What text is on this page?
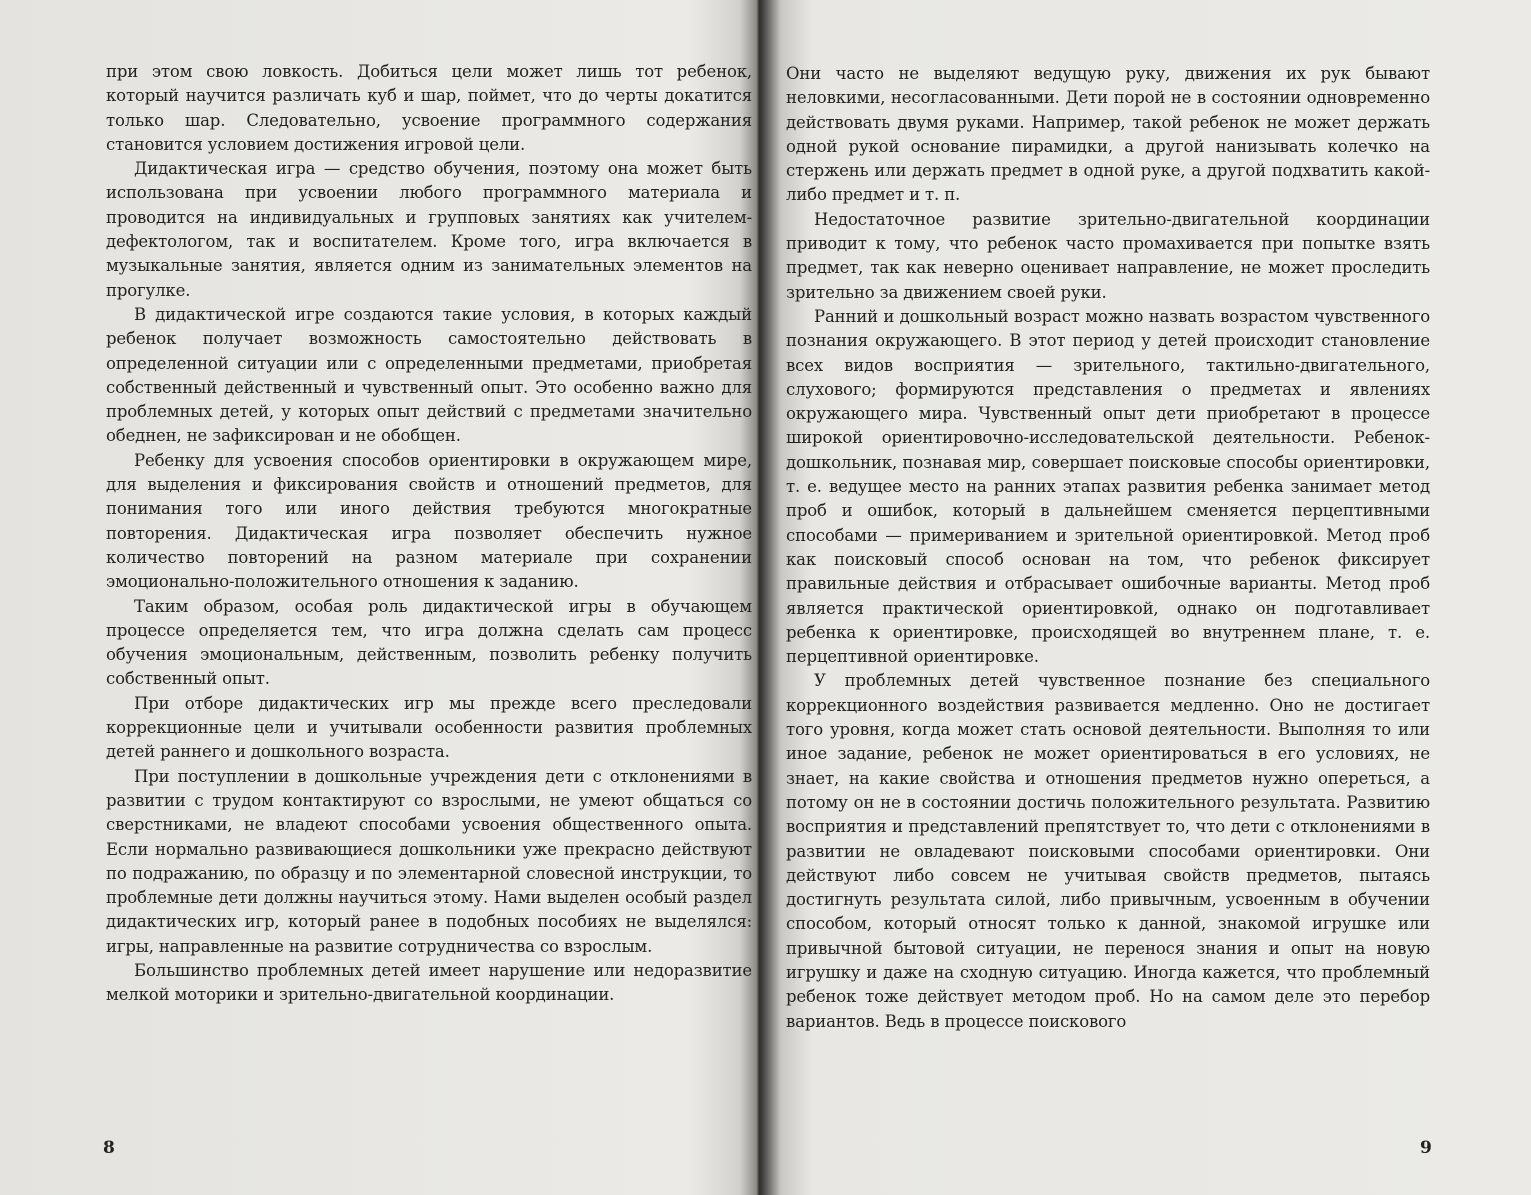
при этом свою ловкость. Добиться цели может лишь тот ребенок, который научится различать куб и шар, поймет, что до черты докатится только шар. Следовательно, усвоение программного содержания становится условием достижения игровой цели.

Дидактическая игра — средство обучения, поэтому она может быть использована при усвоении любого программного материала и проводится на индивидуальных и групповых занятиях как учителем-дефектологом, так и воспитателем. Кроме того, игра включается в музыкальные занятия, является одним из занимательных элементов на прогулке.

В дидактической игре создаются такие условия, в которых каждый ребенок получает возможность самостоятельно действовать в определенной ситуации или с определенными предметами, приобретая собственный действенный и чувственный опыт. Это особенно важно для проблемных детей, у которых опыт действий с предметами значительно обеднен, не зафиксирован и не обобщен.

Ребенку для усвоения способов ориентировки в окружающем мире, для выделения и фиксирования свойств и отношений предметов, для понимания того или иного действия требуются многократные повторения. Дидактическая игра позволяет обеспечить нужное количество повторений на разном материале при сохранении эмоционально-положительного отношения к заданию.

Таким образом, особая роль дидактической игры в обучающем процессе определяется тем, что игра должна сделать сам процесс обучения эмоциональным, действенным, позволить ребенку получить собственный опыт.

При отборе дидактических игр мы прежде всего преследовали коррекционные цели и учитывали особенности развития проблемных детей раннего и дошкольного возраста.

При поступлении в дошкольные учреждения дети с отклонениями в развитии с трудом контактируют со взрослыми, не умеют общаться со сверстниками, не владеют способами усвоения общественного опыта. Если нормально развивающиеся дошкольники уже прекрасно действуют по подражанию, по образцу и по элементарной словесной инструкции, то проблемные дети должны научиться этому. Нами выделен особый раздел дидактических игр, который ранее в подобных пособиях не выделялся: игры, направленные на развитие сотрудничества со взрослым.

Большинство проблемных детей имеет нарушение или недоразвитие мелкой моторики и зрительно-двигательной координации.

8

Они часто не выделяют ведущую руку, движения их рук бывают неловкими, несогласованными. Дети порой не в состоянии одновременно действовать двумя руками. Например, такой ребенок не может держать одной рукой основание пирамидки, а другой нанизывать колечко на стержень или держать предмет в одной руке, а другой подхватить какой-либо предмет и т. п.

Недостаточное развитие зрительно-двигательной координации приводит к тому, что ребенок часто промахивается при попытке взять предмет, так как неверно оценивает направление, не может проследить зрительно за движением своей руки.

Ранний и дошкольный возраст можно назвать возрастом чувственного познания окружающего. В этот период у детей происходит становление всех видов восприятия — зрительного, тактильно-двигательного, слухового; формируются представления о предметах и явлениях окружающего мира. Чувственный опыт дети приобретают в процессе широкой ориентировочно-исследовательской деятельности. Ребенок-дошкольник, познавая мир, совершает поисковые способы ориентировки, т. е. ведущее место на ранних этапах развития ребенка занимает метод проб и ошибок, который в дальнейшем сменяется перцептивными способами — примериванием и зрительной ориентировкой. Метод проб как поисковый способ основан на том, что ребенок фиксирует правильные действия и отбрасывает ошибочные варианты. Метод проб является практической ориентировкой, однако он подготавливает ребенка к ориентировке, происходящей во внутреннем плане, т. е. перцептивной ориентировке.

У проблемных детей чувственное познание без специального коррекционного воздействия развивается медленно. Оно не достигает того уровня, когда может стать основой деятельности. Выполняя то или иное задание, ребенок не может ориентироваться в его условиях, не знает, на какие свойства и отношения предметов нужно опереться, а потому он не в состоянии достичь положительного результата. Развитию восприятия и представлений препятствует то, что дети с отклонениями в развитии не овладевают поисковыми способами ориентировки. Они действуют либо совсем не учитывая свойств предметов, пытаясь достигнуть результата силой, либо привычным, усвоенным в обучении способом, который относят только к данной, знакомой игрушке или привычной бытовой ситуации, не перенося знания и опыт на новую игрушку и даже на сходную ситуацию. Иногда кажется, что проблемный ребенок тоже действует методом проб. Но на самом деле это перебор вариантов. Ведь в процессе поискового

9
